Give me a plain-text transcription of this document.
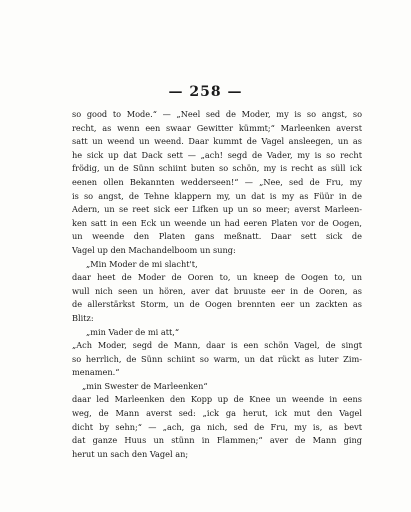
— 258 —
so good to Mode.“ — „Neel sed de Moder, my is so angst, so
recht, as wenn een swaar Gewitter kümmt;“ Marleenken averst
satt un weend un weend. Daar kummt de Vagel ansleegen, un as
he sick up dat Dack sett — „ach! segd de Vader, my is so recht
frödig, un de Sünn schiint buten so schön, my is recht as süll ick
eenen ollen Bekannten wedderseen!“ — „Nee, sed de Fru, my
is so angst, de Tehne klappern my, un dat is my as Füür in de
Adern, un se reet sick eer Lifken up un so meer; averst Marleen-
ken satt in een Eck un weende un had eeren Platen vor de Oogen,
un weende den Platen gans meßnatt. Daar sett sick de
Vagel up den Machandelboom un sung:
„Min Moder de mi slacht't,
daar heet de Moder de Ooren to, un kneep de Oogen to, un
wull nich seen un hören, aver dat bruuste eer in de Ooren, as
de allerstärkst Storm, un de Oogen brennten eer un zackten as
Blitz:
„min Vader de mi att,“
„Ach Moder, segd de Mann, daar is een schön Vagel, de singt
so herrlich, de Sünn schiint so warm, un dat rückt as luter Zim-
menamen.“
„min Swester de Marleenken“
daar led Marleenken den Kopp up de Knee un weende in eens
weg, de Mann averst sed: „ick ga herut, ick mut den Vagel
dicht by sehn;“ — „ach, ga nich, sed de Fru, my is, as bevt
dat ganze Huus un stünn in Flammen;“ aver de Mann ging
herut un sach den Vagel an;
